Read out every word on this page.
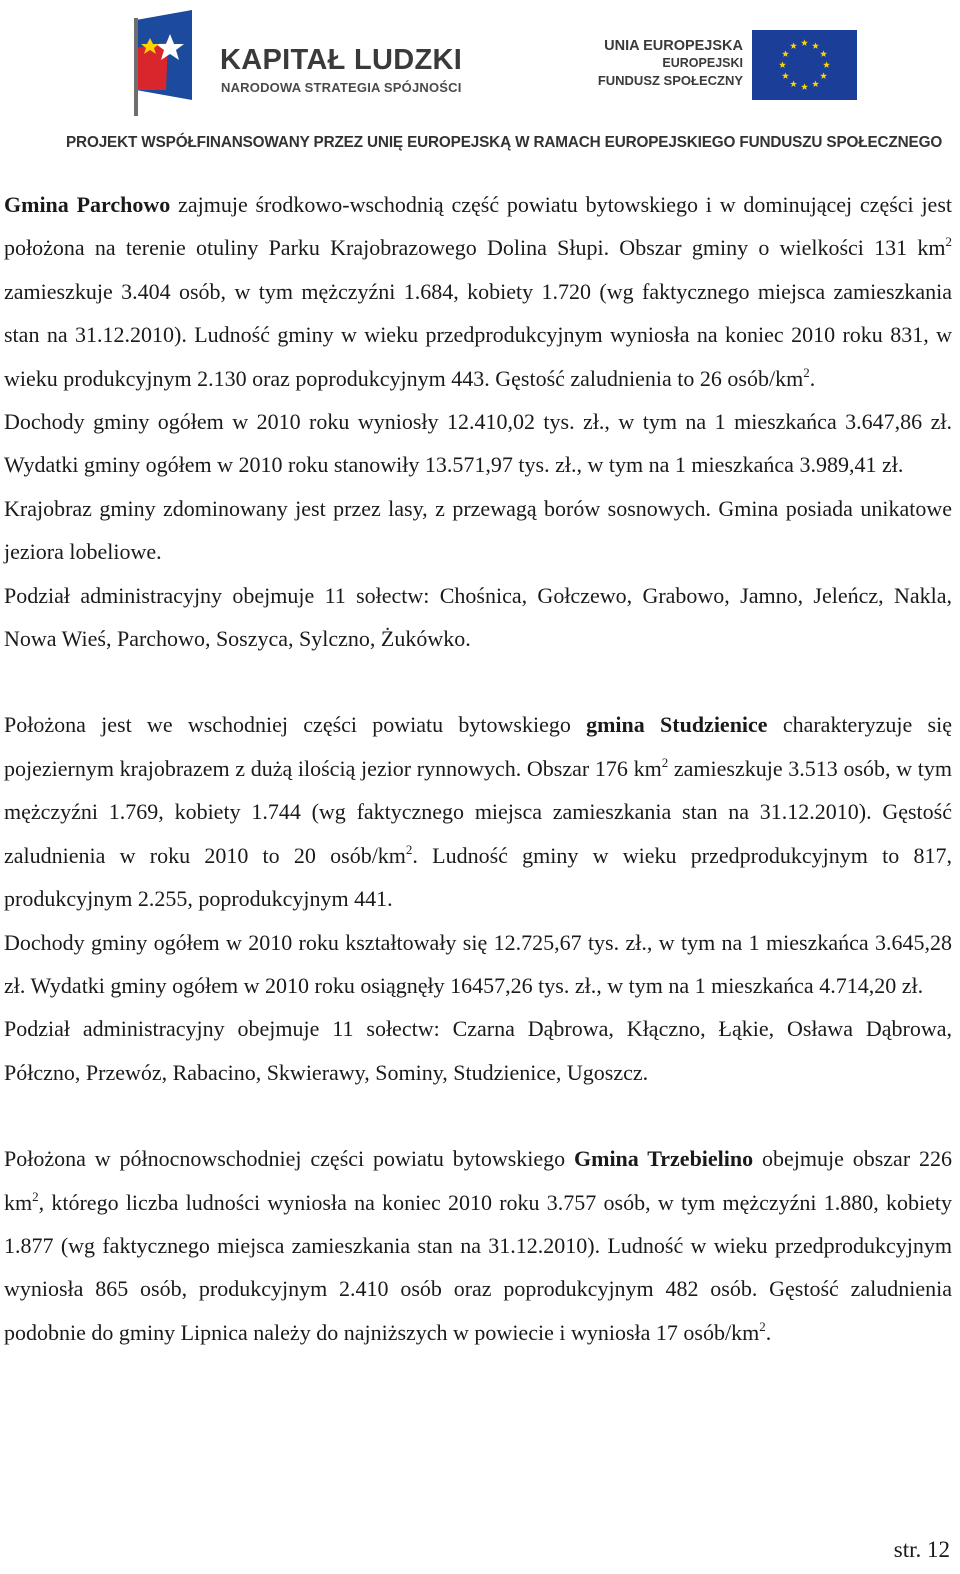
KAPITAŁ LUDZKI
NARODOWA STRATEGIA SPÓJNOŚCI
UNIA EUROPEJSKA
EUROPEJSKI
FUNDUSZ SPOŁECZNY
PROJEKT WSPÓŁFINANSOWANY PRZEZ UNIĘ EUROPEJSKĄ W RAMACH EUROPEJSKIEGO FUNDUSZU SPOŁECZNEGO

Gmina Parchowo zajmuje środkowo-wschodnią część powiatu bytowskiego i w dominującej części jest położona na terenie otuliny Parku Krajobrazowego Dolina Słupi. Obszar gminy o wielkości 131 $km^2$ zamieszkuje 3.404 osób, w tym mężczyźni 1.684, kobiety 1.720 (wg faktycznego miejsca zamieszkania stan na 31.12.2010). Ludność gminy w wieku przedprodukcyjnym wyniosła na koniec 2010 roku 831, w wieku produkcyjnym 2.130 oraz poprodukcyjnym 443. Gęstość zaludnienia to 26 osób/$km^2$.

Dochody gminy ogółem w 2010 roku wyniosły 12.410,02 tys. zł., w tym na 1 mieszkańca 3.647,86 zł. Wydatki gminy ogółem w 2010 roku stanowiły 13.571,97 tys. zł., w tym na 1 mieszkańca 3.989,41 zł.

Krajobraz gminy zdominowany jest przez lasy, z przewagą borów sosnowych. Gmina posiada unikatowe jeziora lobeliowe.

Podział administracyjny obejmuje 11 sołectw: Chośnica, Gołczewo, Grabowo, Jamno, Jeleńcz, Nakla, Nowa Wieś, Parchowo, Soszyca, Sylczno, Żukówko.

Położona jest we wschodniej części powiatu bytowskiego gmina Studzienice charakteryzuje się pojeziernym krajobrazem z dużą ilością jezior rynnowych. Obszar 176 $km^2$ zamieszkuje 3.513 osób, w tym mężczyźni 1.769, kobiety 1.744 (wg faktycznego miejsca zamieszkania stan na 31.12.2010). Gęstość zaludnienia w roku 2010 to 20 osób/$km^2$. Ludność gminy w wieku przedprodukcyjnym to 817, produkcyjnym 2.255, poprodukcyjnym 441.

Dochody gminy ogółem w 2010 roku kształtowały się 12.725,67 tys. zł., w tym na 1 mieszkańca 3.645,28 zł. Wydatki gminy ogółem w 2010 roku osiągnęły 16457,26 tys. zł., w tym na 1 mieszkańca 4.714,20 zł.

Podział administracyjny obejmuje 11 sołectw: Czarna Dąbrowa, Kłączno, Łąkie, Osława Dąbrowa, Półczno, Przewóz, Rabacino, Skwierawy, Sominy, Studzienice, Ugoszcz.

Położona w północnowschodniej części powiatu bytowskiego Gmina Trzebielino obejmuje obszar 226 $km^2$, którego liczba ludności wyniosła na koniec 2010 roku 3.757 osób, w tym mężczyźni 1.880, kobiety 1.877 (wg faktycznego miejsca zamieszkania stan na 31.12.2010). Ludność w wieku przedprodukcyjnym wyniosła 865 osób, produkcyjnym 2.410 osób oraz poprodukcyjnym 482 osób. Gęstość zaludnienia podobnie do gminy Lipnica należy do najniższych w powiecie i wyniosła 17 osób/$km^2$.

str. 12
